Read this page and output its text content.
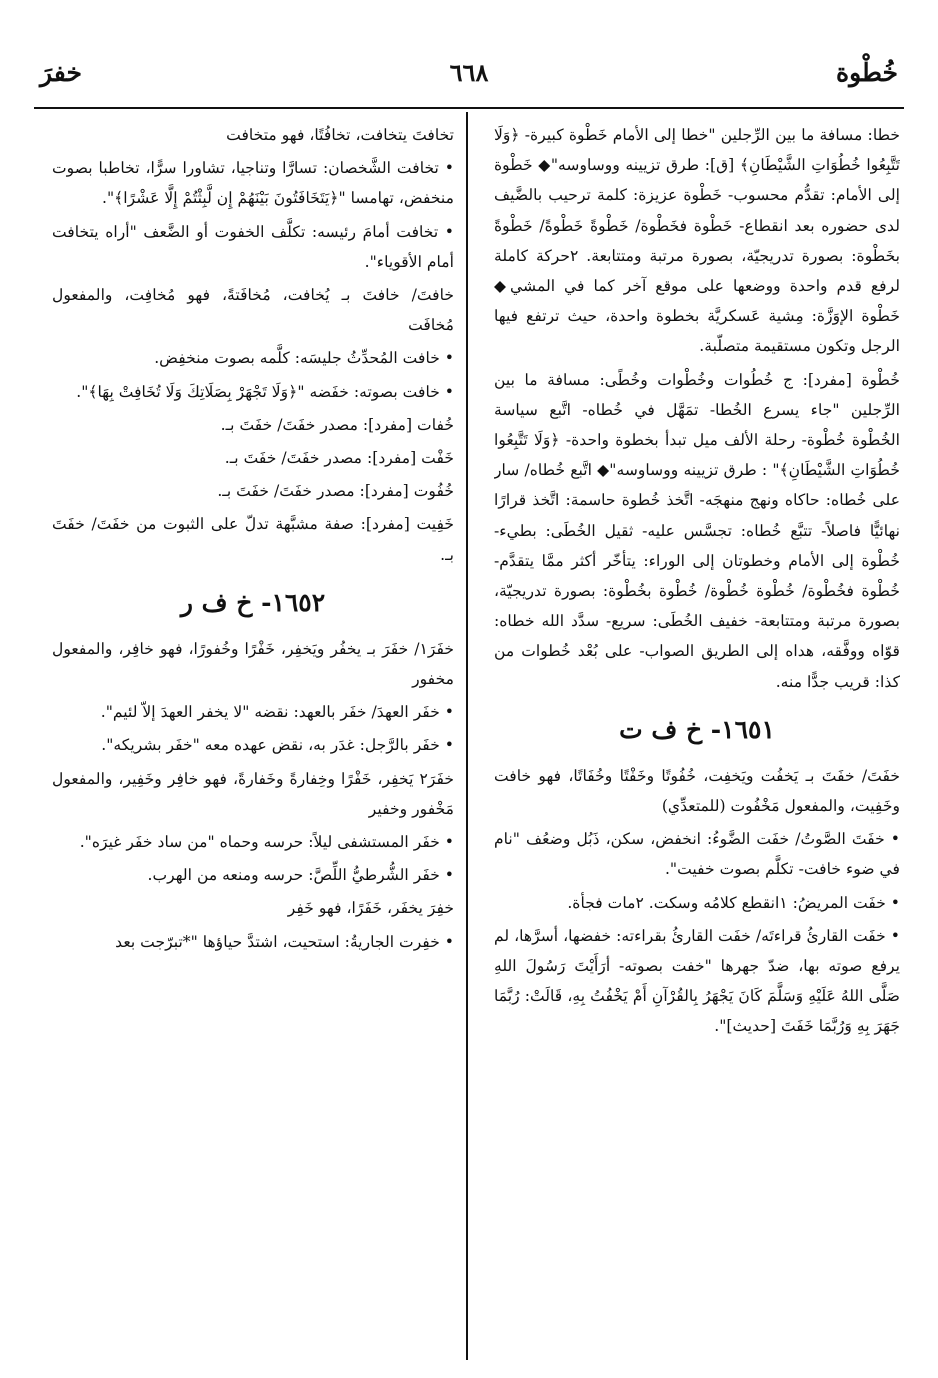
خُطْوة
٦٦٨
خفرَ

خطا: مسافة ما بين الرِّجلين "خطا إلى الأمام خَطْوة كبيرة- ﴿وَلَا تَتَّبِعُوا خُطُوَاتِ الشَّيْطَانِ﴾ [ق]: طرق تزيينه ووساوسه"◆ خَطْوة إلى الأمام: تقدُّم محسوب- خَطْوة عزيزة: كلمة ترحيب بالضَّيف لدى حضوره بعد انقطاع- خَطْوة فخَطْوة/ خَطْوةً خَطْوةً/ خَطْوةً بخَطْوة: بصورة تدريجيّة، بصورة مرتبة ومتتابعة. ٢حركة كاملة لرفع قدم واحدة ووضعها على موقع آخر كما في المشي◆ خَطْوة الإوَزَّة: مِشية عَسكريَّة بخطوة واحدة، حيث ترتفع فيها الرجل وتكون مستقيمة متصلّبة.

خُطْوة [مفرد]: ج خُطُوات وخُطْوات وخُطًى: مسافة ما بين الرِّجلين "جاء يسرع الخُطا- تمَهَّل في خُطاه- اتَّبع سياسة الخُطْوة خُطْوة- رحلة الألف ميل تبدأ بخطوة واحدة- ﴿وَلَا تَتَّبِعُوا خُطُوَاتِ الشَّيْطَانِ﴾" : طرق تزيينه ووساوسه"◆ اتَّبع خُطاه/ سار على خُطاه: حاكاه ونهج منهجَه- اتَّخذ خُطوة حاسمة: اتَّخذ قرارًا نهائيًّا فاصلاً- تتبَّع خُطاه: تجسَّس عليه- ثقيل الخُطَى: بطيء- خُطْوة إلى الأمام وخطوتان إلى الوراء: يتأخّر أكثر ممَّا يتقدَّم- خُطْوة فخُطْوة/ خُطْوة خُطْوة/ خُطْوة بخُطْوة: بصورة تدريجيّة، بصورة مرتبة ومتتابعة- خفيف الخُطَى: سريع- سدَّد الله خطاه: قوّاه ووفَّقه، هداه إلى الطريق الصواب- على بُعْد خُطوات من كذا: قريب جدًّا منه.

١٦٥١- خ ف ت

خفَتَ/ خفَتَ بـ يَخفُت ويَخفِت، خُفُوتًا وخَفْتًا وخُفَاتًا، فهو خافت وخَفِيت، والمفعول مَخْفُوت (للمتعدِّي)

• خفَتَ الصَّوتُ/ خفَت الضَّوءُ: انخفض، سكن، ذَبُل وضعُف "نام في ضوء خافت- تكلَّم بصوت خفيت".

• خفَت المريضُ: ١انقطع كلامُه وسكت. ٢مات فجأة.

• خفَت القارئُ قراءتَه/ خفَت القارئُ بقراءته: خفضها، أسرَّها، لم يرفع صوته بها، ضدّ جهرها "خفت بصوته- أرَأَيْتَ رَسُولَ اللهِ صَلَّى اللهُ عَلَيْهِ وَسَلَّمَ كَانَ يَجْهَرُ بِالقُرْآنِ أَمْ يَخْفُتُ بِهِ، قَالَتْ: رُبَّمَا جَهَرَ بِهِ وَرُبَّمَا خَفَتَ [حديث]".

تخافتَ يتخافت، تخافُتًا، فهو متخافت

• تخافت الشَّخصان: تسارَّا وتناجيا، تشاورا سرًّا، تخاطبا بصوت منخفض، تهامسا "﴿يَتَخَافَتُونَ بَيْنَهُمْ إِن لَّبِثْتُمْ إِلَّا عَشْرًا﴾".

• تخافت أمامَ رئيسه: تكلَّف الخفوت أو الضَّعف "أراه يتخافت أمام الأقوياء".

خافتَ/ خافتَ بـ يُخافت، مُخافَتةً، فهو مُخافِت، والمفعول مُخافَت

• خافت المُحدِّثُ جليسَه: كلَّمه بصوت منخفِض.

• خافت بصوته: خفَضه "﴿وَلَا تَجْهَرْ بِصَلَاتِكَ وَلَا تُخَافِتْ بِهَا﴾".

خُفات [مفرد]: مصدر خفَتَ/ خفَتَ بـ.

خَفْت [مفرد]: مصدر خفَتَ/ خفَتَ بـ.

خُفُوت [مفرد]: مصدر خفَتَ/ خفَتَ بـ.

خَفِيت [مفرد]: صفة مشبَّهة تدلّ على الثبوت من خفَتَ/ خفَتَ بـ.

١٦٥٢- خ ف ر

خفَرَ١/ خفَرَ بـ يخفُر ويَخفِر، خَفْرًا وخُفورًا، فهو خافِر، والمفعول مخفور

• خفَر العهدَ/ خفَر بالعهد: نقضه "لا يخفر العهدَ إلاّ لئيم".

• خفَر بالرَّجل: غدَر به، نقض عهده معه "خفَر بشريكه".

خفَرَ٢ يَخفِر، خَفْرًا وخِفارةً وخَفارةً، فهو خافِر وخَفِير، والمفعول مَخْفور وخفير

• خفَر المستشفى ليلاً: حرسه وحماه "من ساد خفَر غيرَه".

• خفَر الشُّرطيُّ اللِّصَّ: حرسه ومنعه من الهرب.

خفِرَ يخفَر، خَفَرًا، فهو خَفِر

• خفِرت الجاريةُ: استحيت، اشتدَّ حياؤها "*تبرّجت بعد
